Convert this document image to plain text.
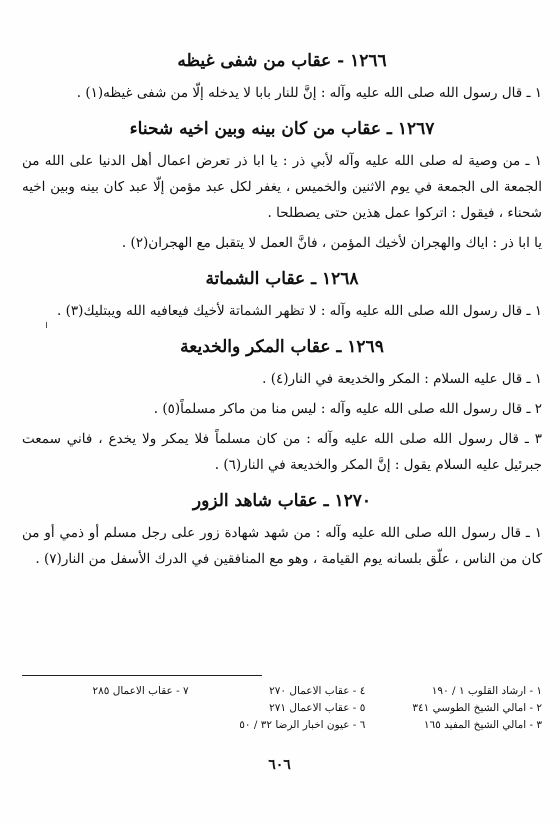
١٢٦٦ - عقاب من شفى غيظه

١ ـ قال رسول الله صلى الله عليه وآله : إنَّ للنار بابا لا يدخله إلّا من شفى غيظه(١) .

١٢٦٧ ـ عقاب من كان بينه وبين اخيه شحناء

١ ـ من وصية له صلى الله عليه وآله لأبي ذر : يا ابا ذر تعرض اعمال أهل الدنيا على الله من الجمعة الى الجمعة في يوم الاثنين والخميس ، يغفر لكل عبد مؤمن إلّا عبد كان بينه وبين اخيه شحناء ، فيقول : اتركوا عمل هذين حتى يصطلحا .

يا ابا ذر : اياك والهجران لأخيك المؤمن ، فانَّ العمل لا يتقبل مع الهجران(٢) .

١٢٦٨ ـ عقاب الشماتة

١ ـ قال رسول الله صلى الله عليه وآله : لا تظهر الشماتة لأخيك فيعافيه الله ويبتليك(٣) .

١٢٦٩ ـ عقاب المكر والخديعة

١ ـ قال عليه السلام : المكر والخديعة في النار(٤) .

٢ ـ قال رسول الله صلى الله عليه وآله : ليس منا من ماكر مسلماً(٥) .

٣ ـ قال رسول الله صلى الله عليه وآله : من كان مسلماً فلا يمكر ولا يخدع ، فاني سمعت جبرئيل عليه السلام يقول : إنَّ المكر والخديعة في النار(٦) .

١٢٧٠ ـ عقاب شاهد الزور

١ ـ قال رسول الله صلى الله عليه وآله : من شهد شهادة زور على رجل مسلم أو ذمي أو من كان من الناس ، علّق بلسانه يوم القيامة ، وهو مع المنافقين في الدرك الأسفل من النار(٧) .

١ - ارشاد القلوب ١ / ١٩٠
٢ - امالي الشيخ الطوسي ٣٤١
٣ - امالي الشيخ المفيد ١٦٥
٤ - عقاب الاعمال ٢٧٠
٥ - عقاب الاعمال ٢٧١
٦ - عيون اخبار الرضا ٣٢ / ٥٠
٧ - عقاب الاعمال ٢٨٥
٦٠٦
